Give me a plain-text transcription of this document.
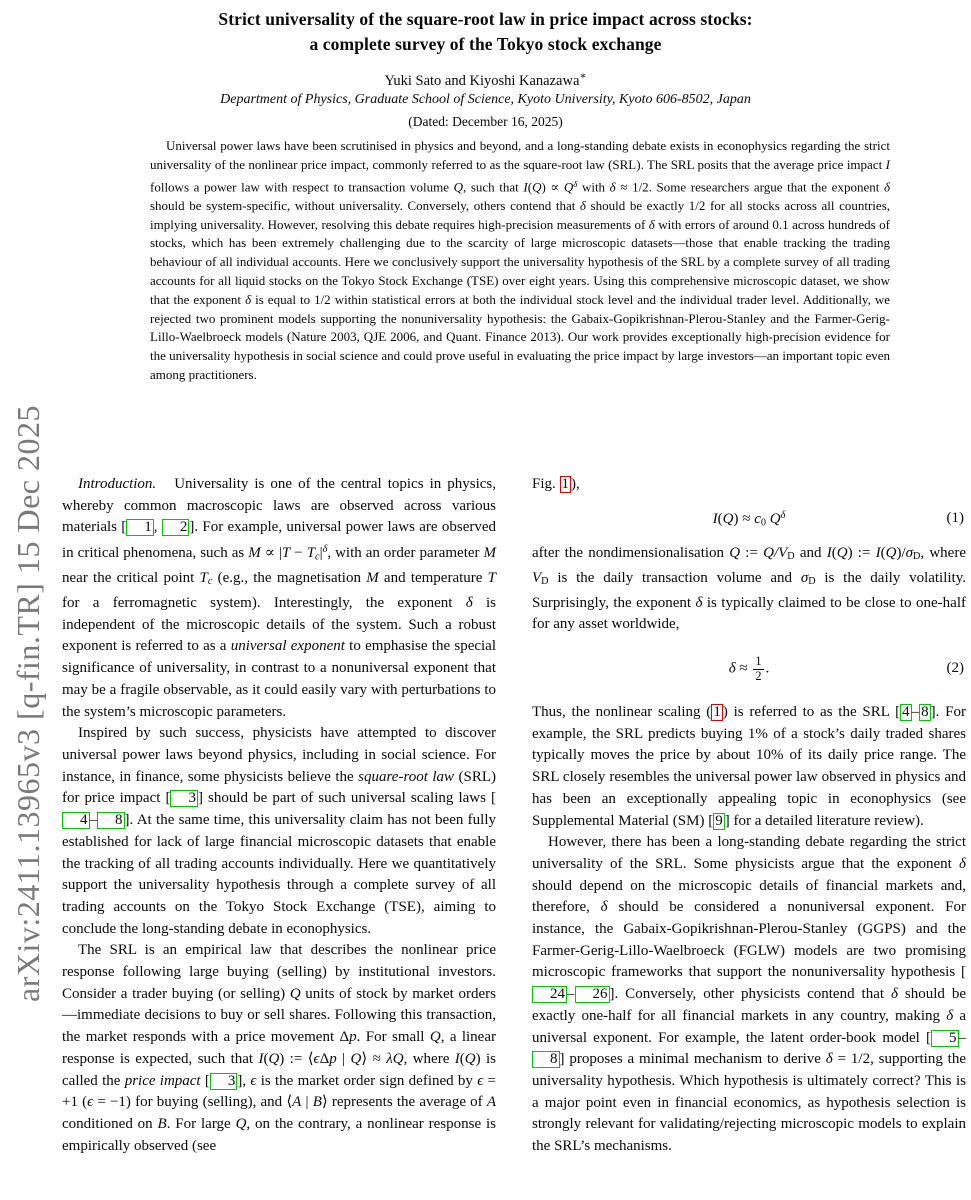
arXiv:2411.13965v3 [q-fin.TR] 15 Dec 2025
Strict universality of the square-root law in price impact across stocks:
a complete survey of the Tokyo stock exchange
Yuki Sato and Kiyoshi Kanazawa∗
Department of Physics, Graduate School of Science, Kyoto University, Kyoto 606-8502, Japan
(Dated: December 16, 2025)
Universal power laws have been scrutinised in physics and beyond, and a long-standing debate exists in econophysics regarding the strict universality of the nonlinear price impact, commonly referred to as the square-root law (SRL). The SRL posits that the average price impact I follows a power law with respect to transaction volume Q, such that $I(Q) \propto Q^\delta$ with δ ≈ 1/2. Some researchers argue that the exponent δ should be system-specific, without universality. Conversely, others contend that δ should be exactly 1/2 for all stocks across all countries, implying universality. However, resolving this debate requires high-precision measurements of δ with errors of around 0.1 across hundreds of stocks, which has been extremely challenging due to the scarcity of large microscopic datasets—those that enable tracking the trading behaviour of all individual accounts. Here we conclusively support the universality hypothesis of the SRL by a complete survey of all trading accounts for all liquid stocks on the Tokyo Stock Exchange (TSE) over eight years. Using this comprehensive microscopic dataset, we show that the exponent δ is equal to 1/2 within statistical errors at both the individual stock level and the individual trader level. Additionally, we rejected two prominent models supporting the nonuniversality hypothesis: the Gabaix-Gopikrishnan-Plerou-Stanley and the Farmer-Gerig-Lillo-Waelbroeck models (Nature 2003, QJE 2006, and Quant. Finance 2013). Our work provides exceptionally high-precision evidence for the universality hypothesis in social science and could prove useful in evaluating the price impact by large investors—an important topic even among practitioners.

Introduction.   Universality is one of the central topics in physics, whereby common macroscopic laws are observed across various materials [ 1 , 2 ]. For example, universal power laws are observed in critical phenomena, such as $M \propto |T - Tc|^\delta$, with an order parameter M near the critical point Tc (e.g., the magnetisation M and temperature T for a ferromagnetic system). Interestingly, the exponent δ is independent of the microscopic details of the system. Such a robust exponent is referred to as a universal exponent to emphasise the special significance of universality, in contrast to a nonuniversal exponent that may be a fragile observable, as it could easily vary with perturbations to the system’s microscopic parameters.

Inspired by such success, physicists have attempted to discover universal power laws beyond physics, including in social science. For instance, in finance, some physicists believe the square-root law (SRL) for price impact [ 3 ] should be part of such universal scaling laws [4 – 8 ]. At the same time, this universality claim has not been fully established for lack of large financial microscopic datasets that enable the tracking of all trading accounts individually. Here we quantitatively support the universality hypothesis through a complete survey of all trading accounts on the Tokyo Stock Exchange (TSE), aiming to conclude the long-standing debate in econophysics.

The SRL is an empirical law that describes the nonlinear price response following large buying (selling) by institutional investors. Consider a trader buying (or selling) Q units of stock by market orders—immediate decisions to buy or sell shares. Following this transaction, the market responds with a price movement Δp. For small Q, a linear response is expected, such that I(Q) := ⟨ϵΔp | Q⟩ ≈ λQ, where I(Q) is called the price impact [ 3 ], ϵ is the market order sign defined by ϵ = +1 (ϵ = −1) for buying (selling), and ⟨A | B⟩ represents the average of A conditioned on B. For large Q, on the contrary, a nonlinear response is empirically observed (see

Fig. 1 ),

I(Q) ≈ c0 $Q^\delta$	(1)

after the nondimensionalisation Q := Q/VD and I(Q) := I(Q)/σD, where VD is the daily transaction volume and σD is the daily volatility. Surprisingly, the exponent δ is typically claimed to be close to one-half for any asset worldwide,

$\delta \approx \frac{1}{2}$ .	(2)

Thus, the nonlinear scaling ( 1 ) is referred to as the SRL [ 4 – 8 ]. For example, the SRL predicts buying 1% of a stock’s daily traded shares typically moves the price by about 10% of its daily price range. The SRL closely resembles the universal power law observed in physics and has been an exceptionally appealing topic in econophysics (see Supplemental Material (SM) [ 9 ] for a detailed literature review).

However, there has been a long-standing debate regarding the strict universality of the SRL. Some physicists argue that the exponent δ should depend on the microscopic details of financial markets and, therefore, δ should be considered a nonuniversal exponent. For instance, the Gabaix-Gopikrishnan-Plerou-Stanley (GGPS) and the Farmer-Gerig-Lillo-Waelbroeck (FGLW) models are two promising microscopic frameworks that support the nonuniversality hypothesis [24 – 26 ]. Conversely, other physicists contend that δ should be exactly one-half for all financial markets in any country, making δ a universal exponent. For example, the latent order-book model [ 5 –8 ] proposes a minimal mechanism to derive δ = 1/2, supporting the universality hypothesis. Which hypothesis is ultimately correct? This is a major point even in financial economics, as hypothesis selection is strongly relevant for validating/rejecting microscopic models to explain the SRL’s mechanisms.
